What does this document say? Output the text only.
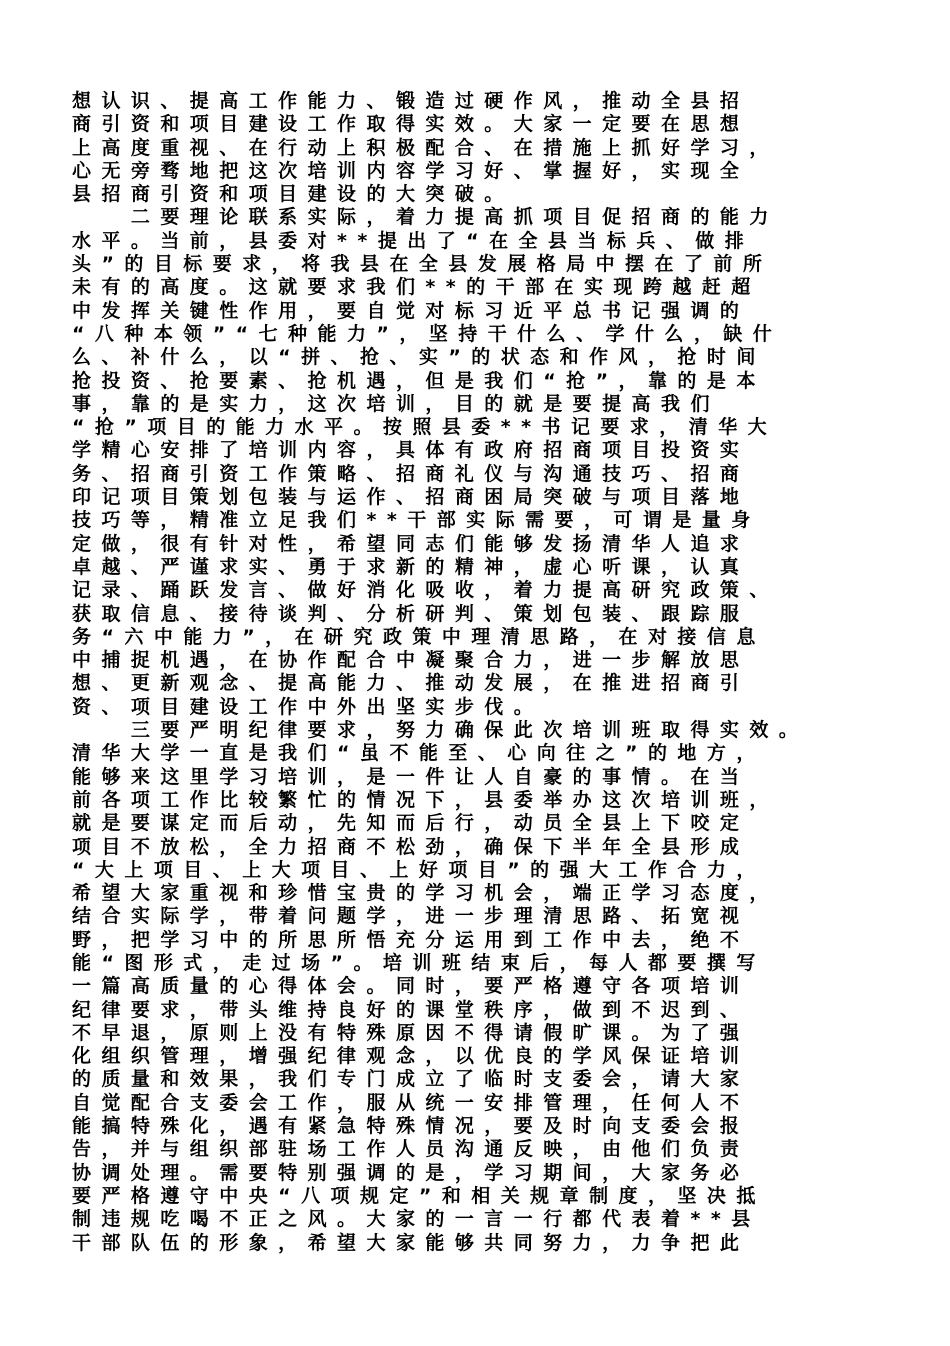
想认识、提高工作能力、锻造过硬作风，推动全县招
商引资和项目建设工作取得实效。大家一定要在思想
上高度重视、在行动上积极配合、在措施上抓好学习，
心无旁骛地把这次培训内容学习好、掌握好，实现全
县招商引资和项目建设的大突破。
　　二要理论联系实际，着力提高抓项目促招商的能力
水平。当前，县委对**提出了“在全县当标兵、做排
头”的目标要求，将我县在全县发展格局中摆在了前所
未有的高度。这就要求我们**的干部在实现跨越赶超
中发挥关键性作用，要自觉对标习近平总书记强调的
“八种本领”“七种能力”，坚持干什么、学什么，缺什
么、补什么，以“拼、抢、实”的状态和作风，抢时间
抢投资、抢要素、抢机遇，但是我们“抢”，靠的是本
事，靠的是实力，这次培训，目的就是要提高我们
“抢”项目的能力水平。按照县委**书记要求，清华大
学精心安排了培训内容，具体有政府招商项目投资实
务、招商引资工作策略、招商礼仪与沟通技巧、招商
印记项目策划包装与运作、招商困局突破与项目落地
技巧等，精准立足我们**干部实际需要，可谓是量身
定做，很有针对性，希望同志们能够发扬清华人追求
卓越、严谨求实、勇于求新的精神，虚心听课，认真
记录、踊跃发言、做好消化吸收，着力提高研究政策、
获取信息、接待谈判、分析研判、策划包装、跟踪服
务“六中能力”，在研究政策中理清思路，在对接信息
中捕捉机遇，在协作配合中凝聚合力，进一步解放思
想、更新观念、提高能力、推动发展，在推进招商引
资、项目建设工作中外出坚实步伐。
　　三要严明纪律要求，努力确保此次培训班取得实效。
清华大学一直是我们“虽不能至、心向往之”的地方，
能够来这里学习培训，是一件让人自豪的事情。在当
前各项工作比较繁忙的情况下，县委举办这次培训班，
就是要谋定而后动，先知而后行，动员全县上下咬定
项目不放松，全力招商不松劲，确保下半年全县形成
“大上项目、上大项目、上好项目”的强大工作合力，
希望大家重视和珍惜宝贵的学习机会，端正学习态度，
结合实际学，带着问题学，进一步理清思路、拓宽视
野，把学习中的所思所悟充分运用到工作中去，绝不
能“图形式，走过场”。培训班结束后，每人都要撰写
一篇高质量的心得体会。同时，要严格遵守各项培训
纪律要求，带头维持良好的课堂秩序，做到不迟到、
不早退，原则上没有特殊原因不得请假旷课。为了强
化组织管理，增强纪律观念，以优良的学风保证培训
的质量和效果，我们专门成立了临时支委会，请大家
自觉配合支委会工作，服从统一安排管理，任何人不
能搞特殊化，遇有紧急特殊情况，要及时向支委会报
告，并与组织部驻场工作人员沟通反映，由他们负责
协调处理。需要特别强调的是，学习期间，大家务必
要严格遵守中央“八项规定”和相关规章制度，坚决抵
制违规吃喝不正之风。大家的一言一行都代表着**县
干部队伍的形象，希望大家能够共同努力，力争把此
